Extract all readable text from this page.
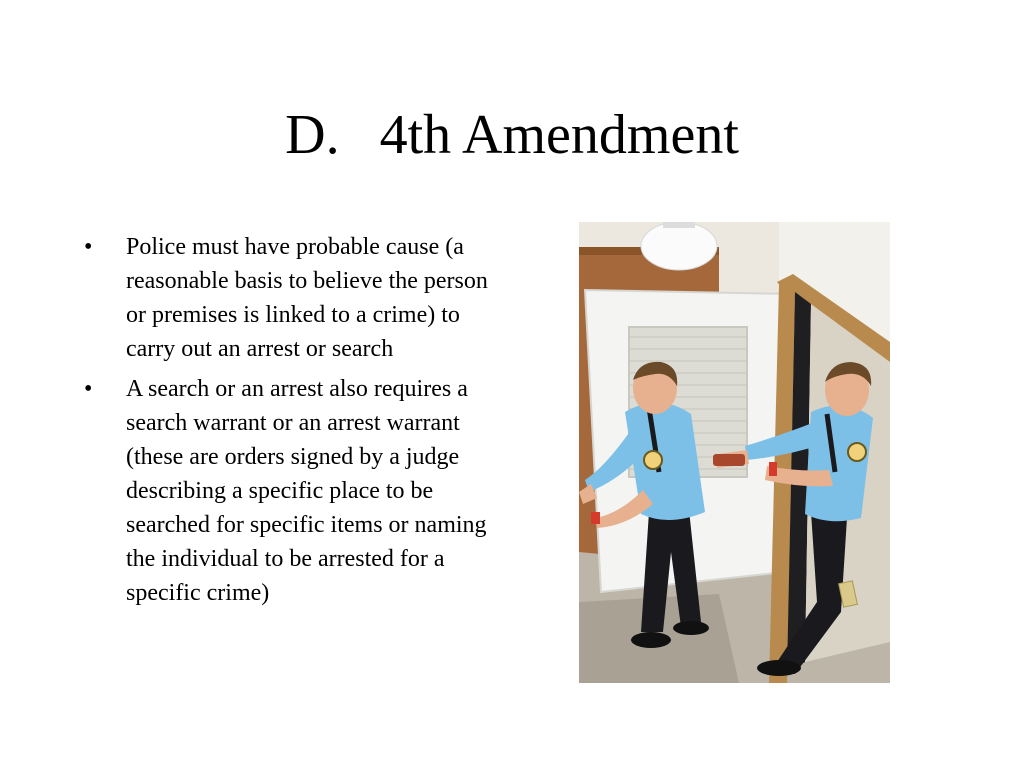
D. 4th Amendment
•	Police must have probable cause (a reasonable basis to believe the person or premises is linked to a crime) to carry out an arrest or search
•	A search or an arrest also requires a search warrant or an arrest warrant (these are orders signed by a judge describing a specific place to be searched for specific items or naming the individual to be arrested for a specific crime)
